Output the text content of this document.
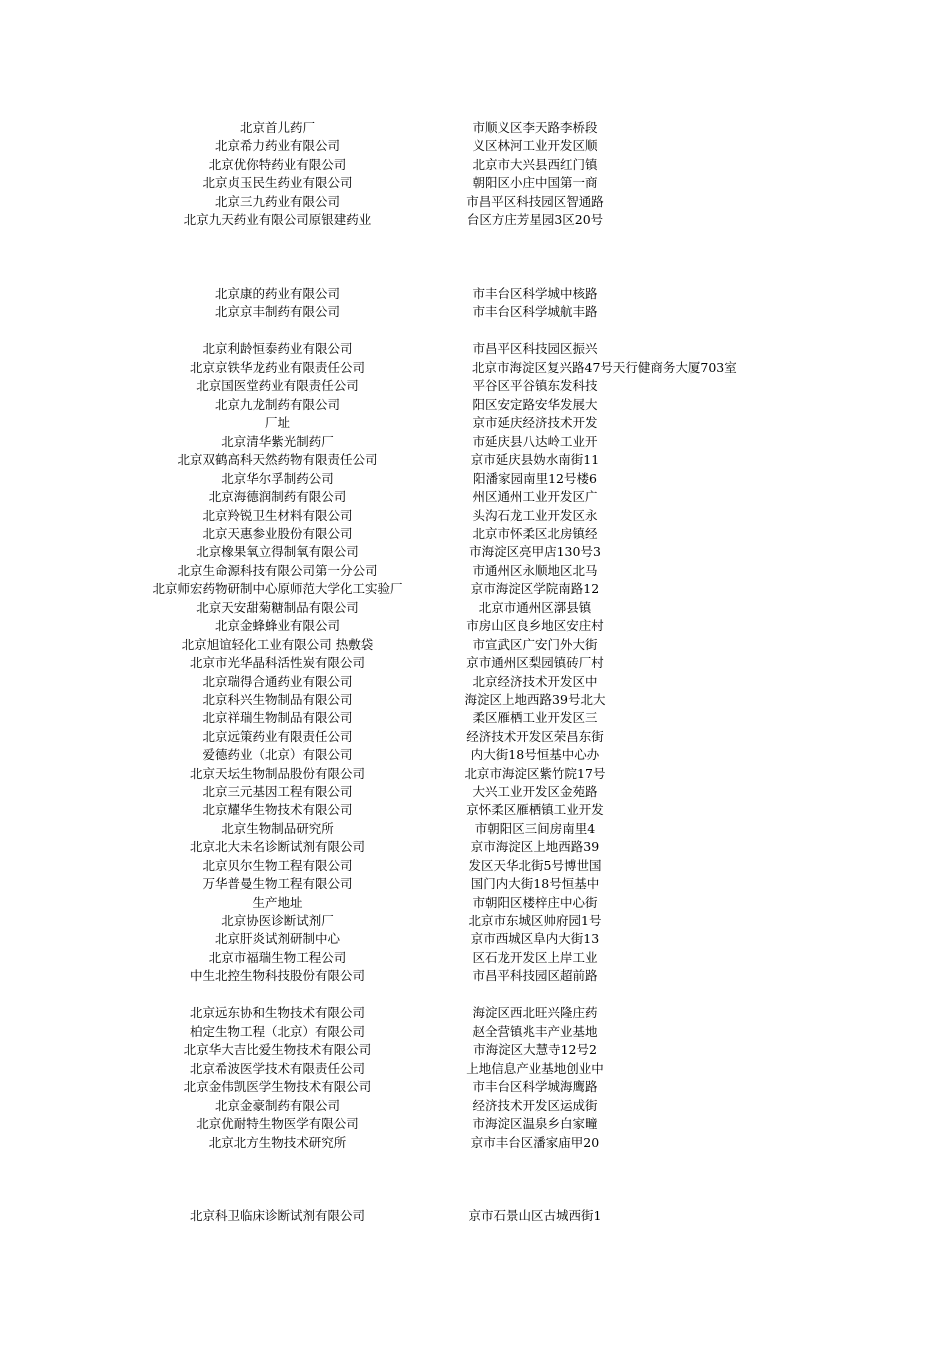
北京首儿药厂	市顺义区李天路李桥段
北京希力药业有限公司	义区林河工业开发区顺
北京优你特药业有限公司	北京市大兴县西红门镇
北京贞玉民生药业有限公司	朝阳区小庄中国第一商
北京三九药业有限公司	市昌平区科技园区智通路
北京九天药业有限公司原银建药业	台区方庄芳星园3区20号
北京康的药业有限公司	市丰台区科学城中核路
北京京丰制药有限公司	市丰台区科学城航丰路
北京利龄恒泰药业有限公司	市昌平区科技园区振兴
北京京铁华龙药业有限责任公司	北京市海淀区复兴路47号天行健商务大厦703室
北京国医堂药业有限责任公司	平谷区平谷镇东发科技
北京九龙制药有限公司	阳区安定路安华发展大
厂址	京市延庆经济技术开发
北京清华紫光制药厂	市延庆县八达岭工业开
北京双鹤高科天然药物有限责任公司	京市延庆县妫水南街11
北京华尔孚制药公司	阳潘家园南里12号楼6
北京海德润制药有限公司	州区通州工业开发区广
北京羚锐卫生材料有限公司	头沟石龙工业开发区永
北京天惠参业股份有限公司	北京市怀柔区北房镇经
北京橡果氧立得制氧有限公司	市海淀区亮甲店130号3
北京生命源科技有限公司第一分公司	市通州区永顺地区北马
北京师宏药物研制中心原师范大学化工实验厂	京市海淀区学院南路12
北京天安甜菊糖制品有限公司	北京市通州区漷县镇
北京金蜂蜂业有限公司	市房山区良乡地区安庄村
北京旭谊轻化工业有限公司 热敷袋	市宣武区广安门外大街
北京市光华晶科活性炭有限公司	京市通州区梨园镇砖厂村
北京瑞得合通药业有限公司	北京经济技术开发区中
北京科兴生物制品有限公司	海淀区上地西路39号北大
北京祥瑞生物制品有限公司	柔区雁栖工业开发区三
北京远策药业有限责任公司	经济技术开发区荣昌东街
爱德药业（北京）有限公司	内大街18号恒基中心办
北京天坛生物制品股份有限公司	北京市海淀区紫竹院17号
北京三元基因工程有限公司	大兴工业开发区金苑路
北京耀华生物技术有限公司	京怀柔区雁栖镇工业开发
北京生物制品研究所	市朝阳区三间房南里4
北京北大未名诊断试剂有限公司	京市海淀区上地西路39
北京贝尔生物工程有限公司	发区天华北街5号博世国
万华普曼生物工程有限公司	国门内大街18号恒基中
生产地址	市朝阳区楼梓庄中心街
北京协医诊断试剂厂	北京市东城区帅府园1号
北京肝炎试剂研制中心	京市西城区阜内大街13
北京市福瑞生物工程公司	区石龙开发区上岸工业
中生北控生物科技股份有限公司	市昌平科技园区超前路
北京远东协和生物技术有限公司	海淀区西北旺兴隆庄药
柏定生物工程（北京）有限公司	赵全营镇兆丰产业基地
北京华大吉比爱生物技术有限公司	市海淀区大慧寺12号2
北京希波医学技术有限责任公司	上地信息产业基地创业中
北京金伟凯医学生物技术有限公司	市丰台区科学城海鹰路
北京金豪制药有限公司	经济技术开发区运成街
北京优耐特生物医学有限公司	市海淀区温泉乡白家疃
北京北方生物技术研究所	京市丰台区潘家庙甲20
北京科卫临床诊断试剂有限公司	京市石景山区古城西街1
